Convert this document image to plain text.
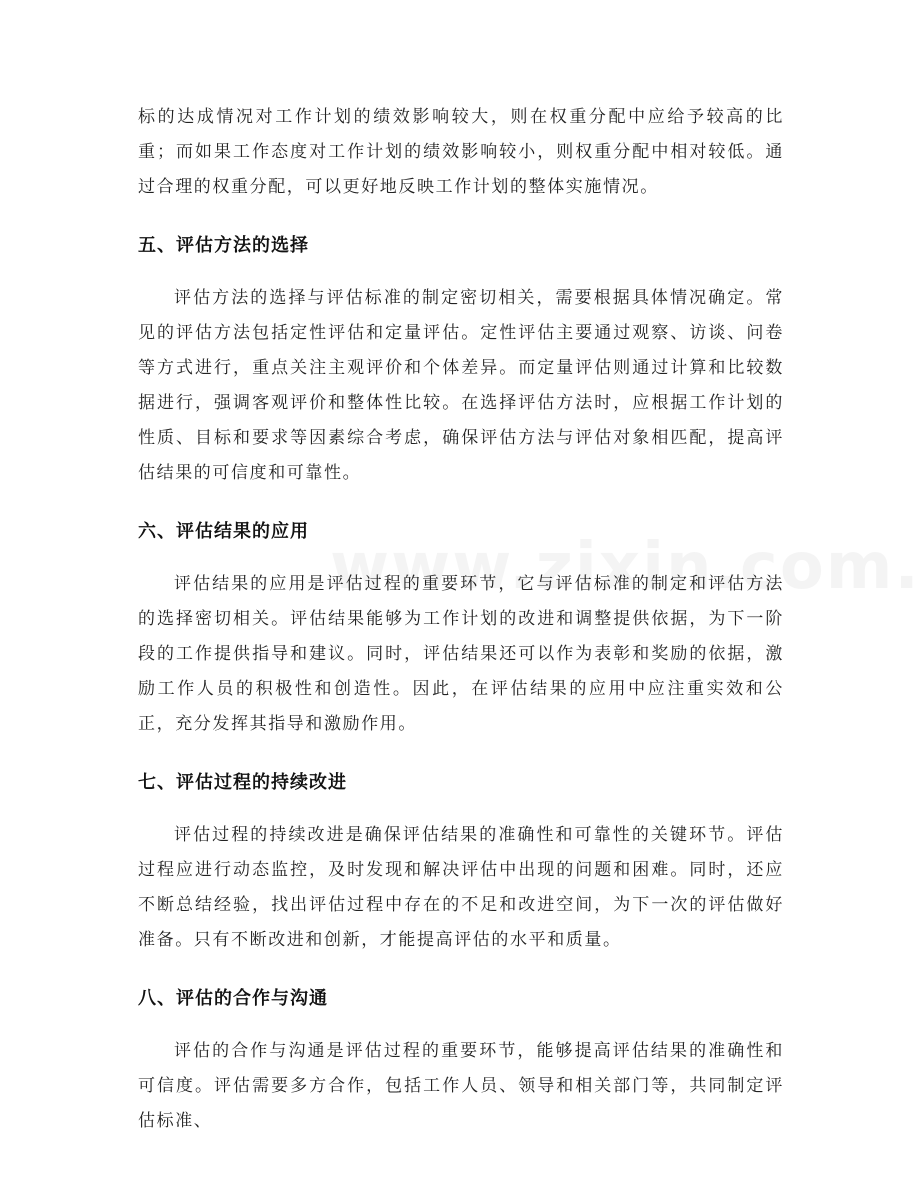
标的达成情况对工作计划的绩效影响较大，则在权重分配中应给予较高的比重；而如果工作态度对工作计划的绩效影响较小，则权重分配中相对较低。通过合理的权重分配，可以更好地反映工作计划的整体实施情况。

五、评估方法的选择

评估方法的选择与评估标准的制定密切相关，需要根据具体情况确定。常见的评估方法包括定性评估和定量评估。定性评估主要通过观察、访谈、问卷等方式进行，重点关注主观评价和个体差异。而定量评估则通过计算和比较数据进行，强调客观评价和整体性比较。在选择评估方法时，应根据工作计划的性质、目标和要求等因素综合考虑，确保评估方法与评估对象相匹配，提高评估结果的可信度和可靠性。

六、评估结果的应用

评估结果的应用是评估过程的重要环节，它与评估标准的制定和评估方法的选择密切相关。评估结果能够为工作计划的改进和调整提供依据，为下一阶段的工作提供指导和建议。同时，评估结果还可以作为表彰和奖励的依据，激励工作人员的积极性和创造性。因此，在评估结果的应用中应注重实效和公正，充分发挥其指导和激励作用。

七、评估过程的持续改进

评估过程的持续改进是确保评估结果的准确性和可靠性的关键环节。评估过程应进行动态监控，及时发现和解决评估中出现的问题和困难。同时，还应不断总结经验，找出评估过程中存在的不足和改进空间，为下一次的评估做好准备。只有不断改进和创新，才能提高评估的水平和质量。

八、评估的合作与沟通

评估的合作与沟通是评估过程的重要环节，能够提高评估结果的准确性和可信度。评估需要多方合作，包括工作人员、领导和相关部门等，共同制定评估标准、
